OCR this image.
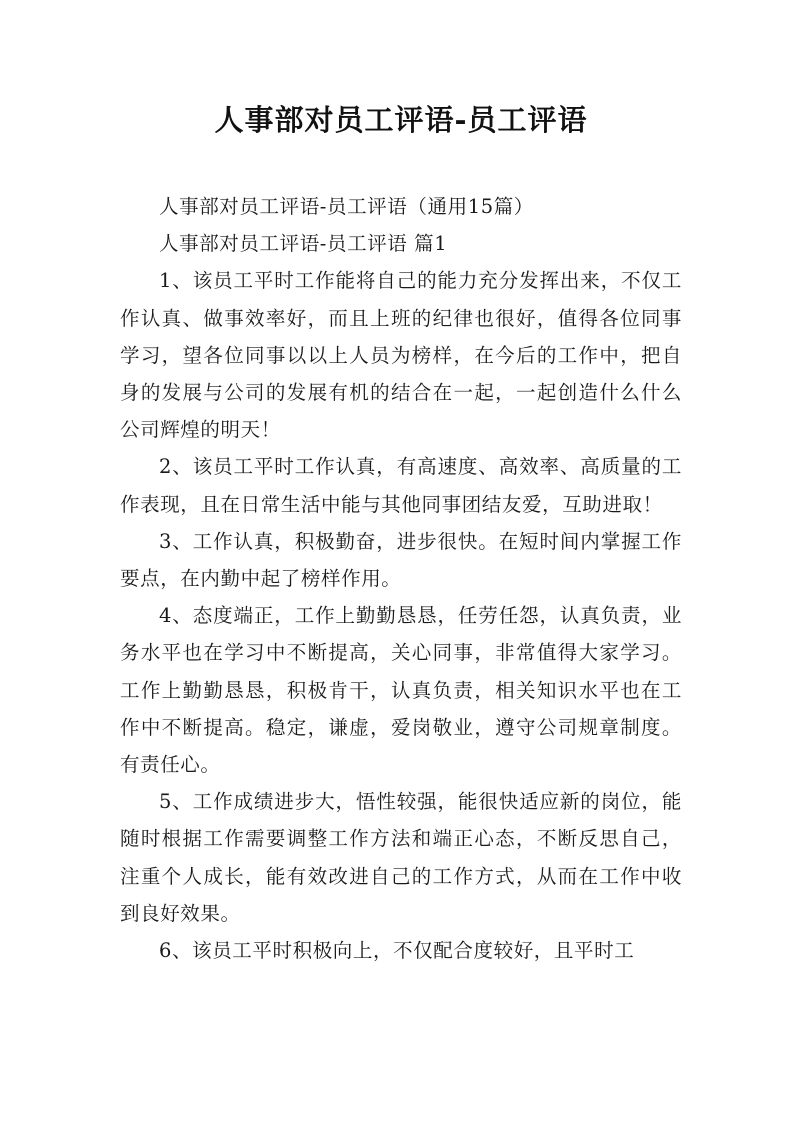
人事部对员工评语-员工评语

人事部对员工评语-员工评语（通用15篇）

人事部对员工评语-员工评语 篇1

1、该员工平时工作能将自己的能力充分发挥出来，不仅工作认真、做事效率好，而且上班的纪律也很好，值得各位同事学习，望各位同事以以上人员为榜样，在今后的工作中，把自身的发展与公司的发展有机的结合在一起，一起创造什么什么公司辉煌的明天！

2、该员工平时工作认真，有高速度、高效率、高质量的工作表现，且在日常生活中能与其他同事团结友爱，互助进取！

3、工作认真，积极勤奋，进步很快。在短时间内掌握工作要点，在内勤中起了榜样作用。

4、态度端正，工作上勤勤恳恳，任劳任怨，认真负责，业务水平也在学习中不断提高，关心同事，非常值得大家学习。工作上勤勤恳恳，积极肯干，认真负责，相关知识水平也在工作中不断提高。稳定，谦虚，爱岗敬业，遵守公司规章制度。有责任心。

5、工作成绩进步大，悟性较强，能很快适应新的岗位，能随时根据工作需要调整工作方法和端正心态，不断反思自己，注重个人成长，能有效改进自己的工作方式，从而在工作中收到良好效果。

6、该员工平时积极向上，不仅配合度较好，且平时工
